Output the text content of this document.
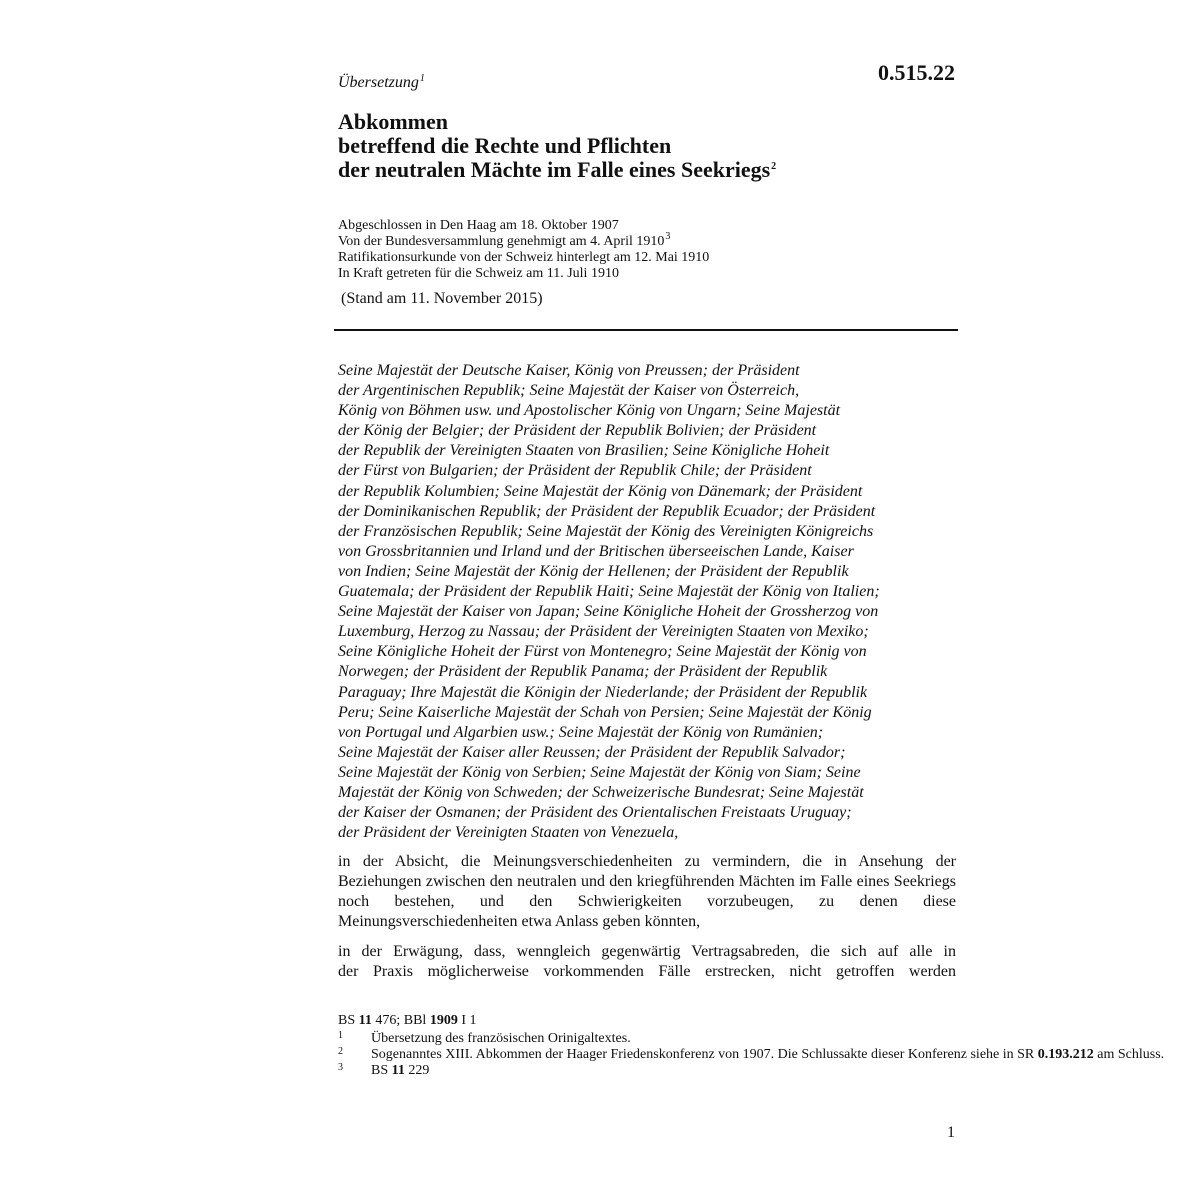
Übersetzung$^1$	0.515.22
Abkommen
betreffend die Rechte und Pflichten
der neutralen Mächte im Falle eines Seekriegs$^2$
Abgeschlossen in Den Haag am 18. Oktober 1907
Von der Bundesversammlung genehmigt am 4. April 1910$^3$
Ratifikationsurkunde von der Schweiz hinterlegt am 12. Mai 1910
In Kraft getreten für die Schweiz am 11. Juli 1910
(Stand am 11. November 2015)
Seine Majestät der Deutsche Kaiser, König von Preussen; der Präsident
der Argentinischen Republik; Seine Majestät der Kaiser von Österreich,
König von Böhmen usw. und Apostolischer König von Ungarn; Seine Majestät
der König der Belgier; der Präsident der Republik Bolivien; der Präsident
der Republik der Vereinigten Staaten von Brasilien; Seine Königliche Hoheit
der Fürst von Bulgarien; der Präsident der Republik Chile; der Präsident
der Republik Kolumbien; Seine Majestät der König von Dänemark; der Präsident
der Dominikanischen Republik; der Präsident der Republik Ecuador; der Präsident
der Französischen Republik; Seine Majestät der König des Vereinigten Königreichs
von Grossbritannien und Irland und der Britischen überseeischen Lande, Kaiser
von Indien; Seine Majestät der König der Hellenen; der Präsident der Republik
Guatemala; der Präsident der Republik Haiti; Seine Majestät der König von Italien;
Seine Majestät der Kaiser von Japan; Seine Königliche Hoheit der Grossherzog von
Luxemburg, Herzog zu Nassau; der Präsident der Vereinigten Staaten von Mexiko;
Seine Königliche Hoheit der Fürst von Montenegro; Seine Majestät der König von
Norwegen; der Präsident der Republik Panama; der Präsident der Republik
Paraguay; Ihre Majestät die Königin der Niederlande; der Präsident der Republik
Peru; Seine Kaiserliche Majestät der Schah von Persien; Seine Majestät der König
von Portugal und Algarbien usw.; Seine Majestät der König von Rumänien;
Seine Majestät der Kaiser aller Reussen; der Präsident der Republik Salvador;
Seine Majestät der König von Serbien; Seine Majestät der König von Siam; Seine
Majestät der König von Schweden; der Schweizerische Bundesrat; Seine Majestät
der Kaiser der Osmanen; der Präsident des Orientalischen Freistaats Uruguay;
der Präsident der Vereinigten Staaten von Venezuela,
in der Absicht, die Meinungsverschiedenheiten zu vermindern, die in Ansehung der Beziehungen zwischen den neutralen und den kriegführenden Mächten im Falle eines Seekriegs noch bestehen, und den Schwierigkeiten vorzubeugen, zu denen diese Meinungsverschiedenheiten etwa Anlass geben könnten,
in der Erwägung, dass, wenngleich gegenwärtig Vertragsabreden, die sich auf alle in
der Praxis möglicherweise vorkommenden Fälle erstrecken, nicht getroffen werden
BS 11 476; BBl 1909 I 1
1 Übersetzung des französischen Orinigaltextes.
2 Sogenanntes XIII. Abkommen der Haager Friedenskonferenz von 1907. Die Schlussakte dieser Konferenz siehe in SR 0.193.212 am Schluss.
3 BS 11 229
1
